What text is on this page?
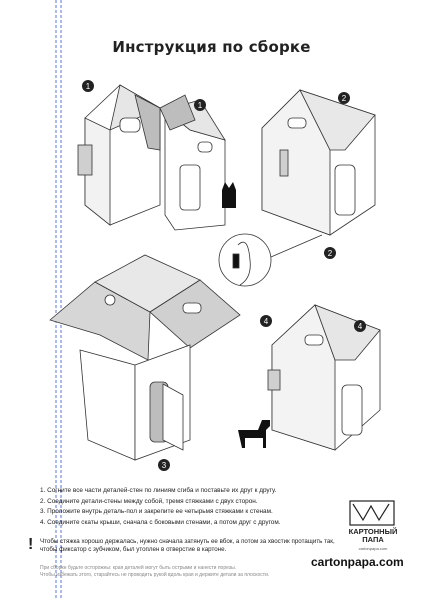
Инструкция по сборке
1
1
2
2
3
4
4
1. Согните все части деталей-стен по линиям сгиба и поставьте их друг к другу.
2. Соедините детали-стены между собой, тремя стяжками с двух сторон.
3. Проложите внутрь деталь-пол и закрепите ее четырьмя стяжками к стенам.
4. Соедините скаты крыши, сначала с боковыми стенами, а потом друг с другом.
! Чтобы стяжка хорошо держалась, нужно сначала затянуть ее вбок, а потом за хвостик протащить так, чтобы фиксатор с зубчиком, был утоплен в отверстие в картоне.
При сборке будьте осторожны: края деталей могут быть острыми и нанести порезы.
Чтобы избежать этого, старайтесь не проводить рукой вдоль края и держите детали за плоскости.
КАРТОННЫЙ
ПАПА
cartonpapa.com
cartonpapa.com
